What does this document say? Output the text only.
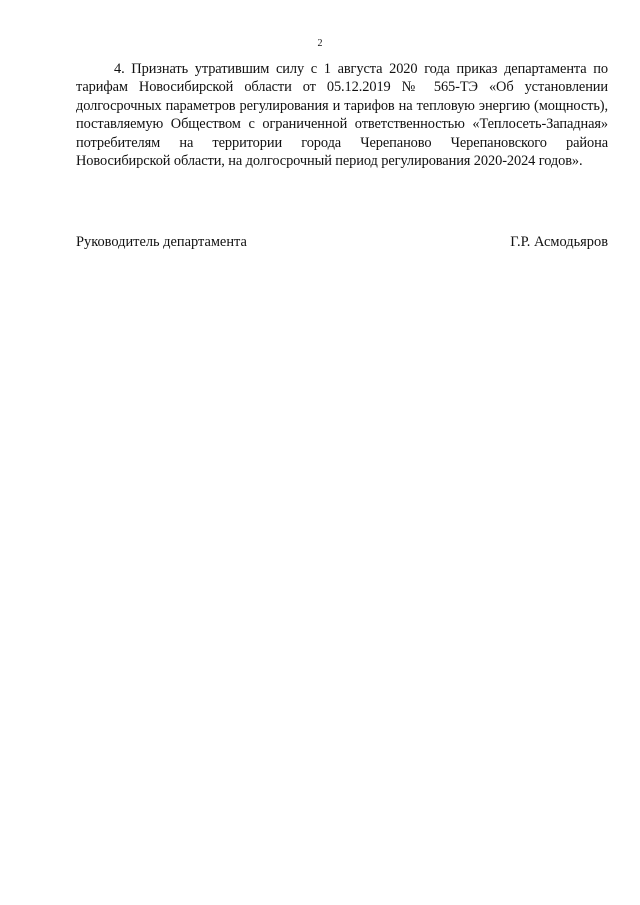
2

4. Признать утратившим силу с 1 августа 2020 года приказ департамента по тарифам Новосибирской области от 05.12.2019 № 565-ТЭ «Об установлении долгосрочных параметров регулирования и тарифов на тепловую энергию (мощность), поставляемую Обществом с ограниченной ответственностью «Теплосеть-Западная» потребителям на территории города Черепаново Черепановского района Новосибирской области, на долгосрочный период регулирования 2020-2024 годов».

Руководитель департамента	Г.Р. Асмодьяров
